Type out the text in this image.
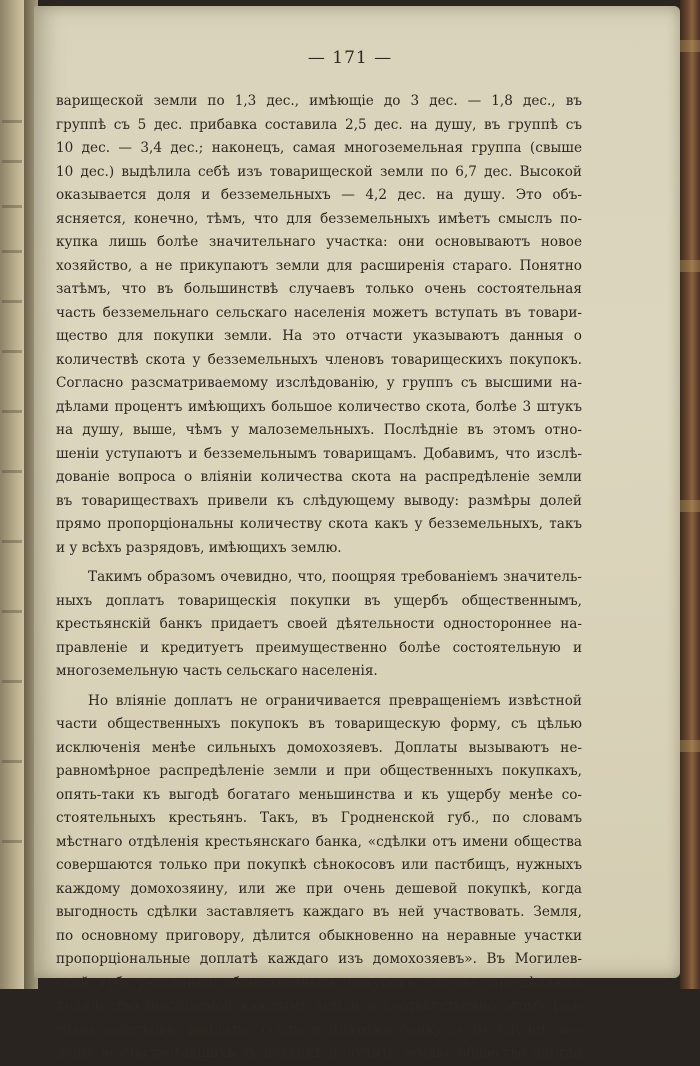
— 171 —
варищеской земли по 1,3 дес., имѣющіе до 3 дес. — 1,8 дес., въ
группѣ съ 5 дес. прибавка составила 2,5 дес. на душу, въ группѣ съ
10 дес. — 3,4 дес.; наконецъ, самая многоземельная группа (свыше
10 дес.) выдѣлила себѣ изъ товарищеской земли по 6,7 дес. Высокой
оказывается доля и безземельныхъ — 4,2 дес. на душу. Это объ-
ясняется, конечно, тѣмъ, что для безземельныхъ имѣетъ смыслъ по-
купка лишь болѣе значительнаго участка: они основываютъ новое
хозяйство, а не прикупаютъ земли для расширенія стараго. Понятно
затѣмъ, что въ большинствѣ случаевъ только очень состоятельная
часть безземельнаго сельскаго населенія можетъ вступать въ товари-
щество для покупки земли. На это отчасти указываютъ данныя о
количествѣ скота у безземельныхъ членовъ товарищескихъ покупокъ.
Согласно разсматриваемому изслѣдованію, у группъ съ высшими на-
дѣлами процентъ имѣющихъ большое количество скота, болѣе 3 штукъ
на душу, выше, чѣмъ у малоземельныхъ. Послѣдніе въ этомъ отно-
шеніи уступаютъ и безземельнымъ товарищамъ. Добавимъ, что изслѣ-
дованіе вопроса о вліяніи количества скота на распредѣленіе земли
въ товариществахъ привели къ слѣдующему выводу: размѣры долей
прямо пропорціональны количеству скота какъ у безземельныхъ, такъ
и у всѣхъ разрядовъ, имѣющихъ землю.
Такимъ образомъ очевидно, что, поощряя требованіемъ значитель-
ныхъ доплатъ товарищескія покупки въ ущербъ общественнымъ,
крестьянскій банкъ придаетъ своей дѣятельности одностороннее на-
правленіе и кредитуетъ преимущественно болѣе состоятельную и
многоземельную часть сельскаго населенія.
Но вліяніе доплатъ не ограничивается превращеніемъ извѣстной
части общественныхъ покупокъ въ товарищескую форму, съ цѣлью
исключенія менѣе сильныхъ домохозяевъ. Доплаты вызываютъ не-
равномѣрное распредѣленіе земли и при общественныхъ покупкахъ,
опять-таки къ выгодѣ богатаго меньшинства и къ ущербу менѣе со-
стоятельныхъ крестьянъ. Такъ, въ Гродненской губ., по словамъ
мѣстнаго отдѣленія крестьянскаго банка, «сдѣлки отъ имени общества
совершаются только при покупкѣ сѣнокосовъ или пастбищъ, нужныхъ
каждому домохозяину, или же при очень дешевой покупкѣ, когда
выгодность сдѣлки заставляетъ каждаго въ ней участвовать. Земля,
по основному приговору, дѣлится обыкновенно на неравные участки
пропорціональные доплатѣ каждаго изъ домохозяевъ». Въ Могилев-
ской губ. участники общественныхъ покупокъ «точно опредѣляютъ
количество покупаемой каждымъ земли и соотвѣтственно этому раз-
мѣры задатковъ, доплаты, ссуды и платежи банку...» Въ случаѣ же-
ланія неучаствовавшихъ въ покупкѣ получить землю, общество иногда
